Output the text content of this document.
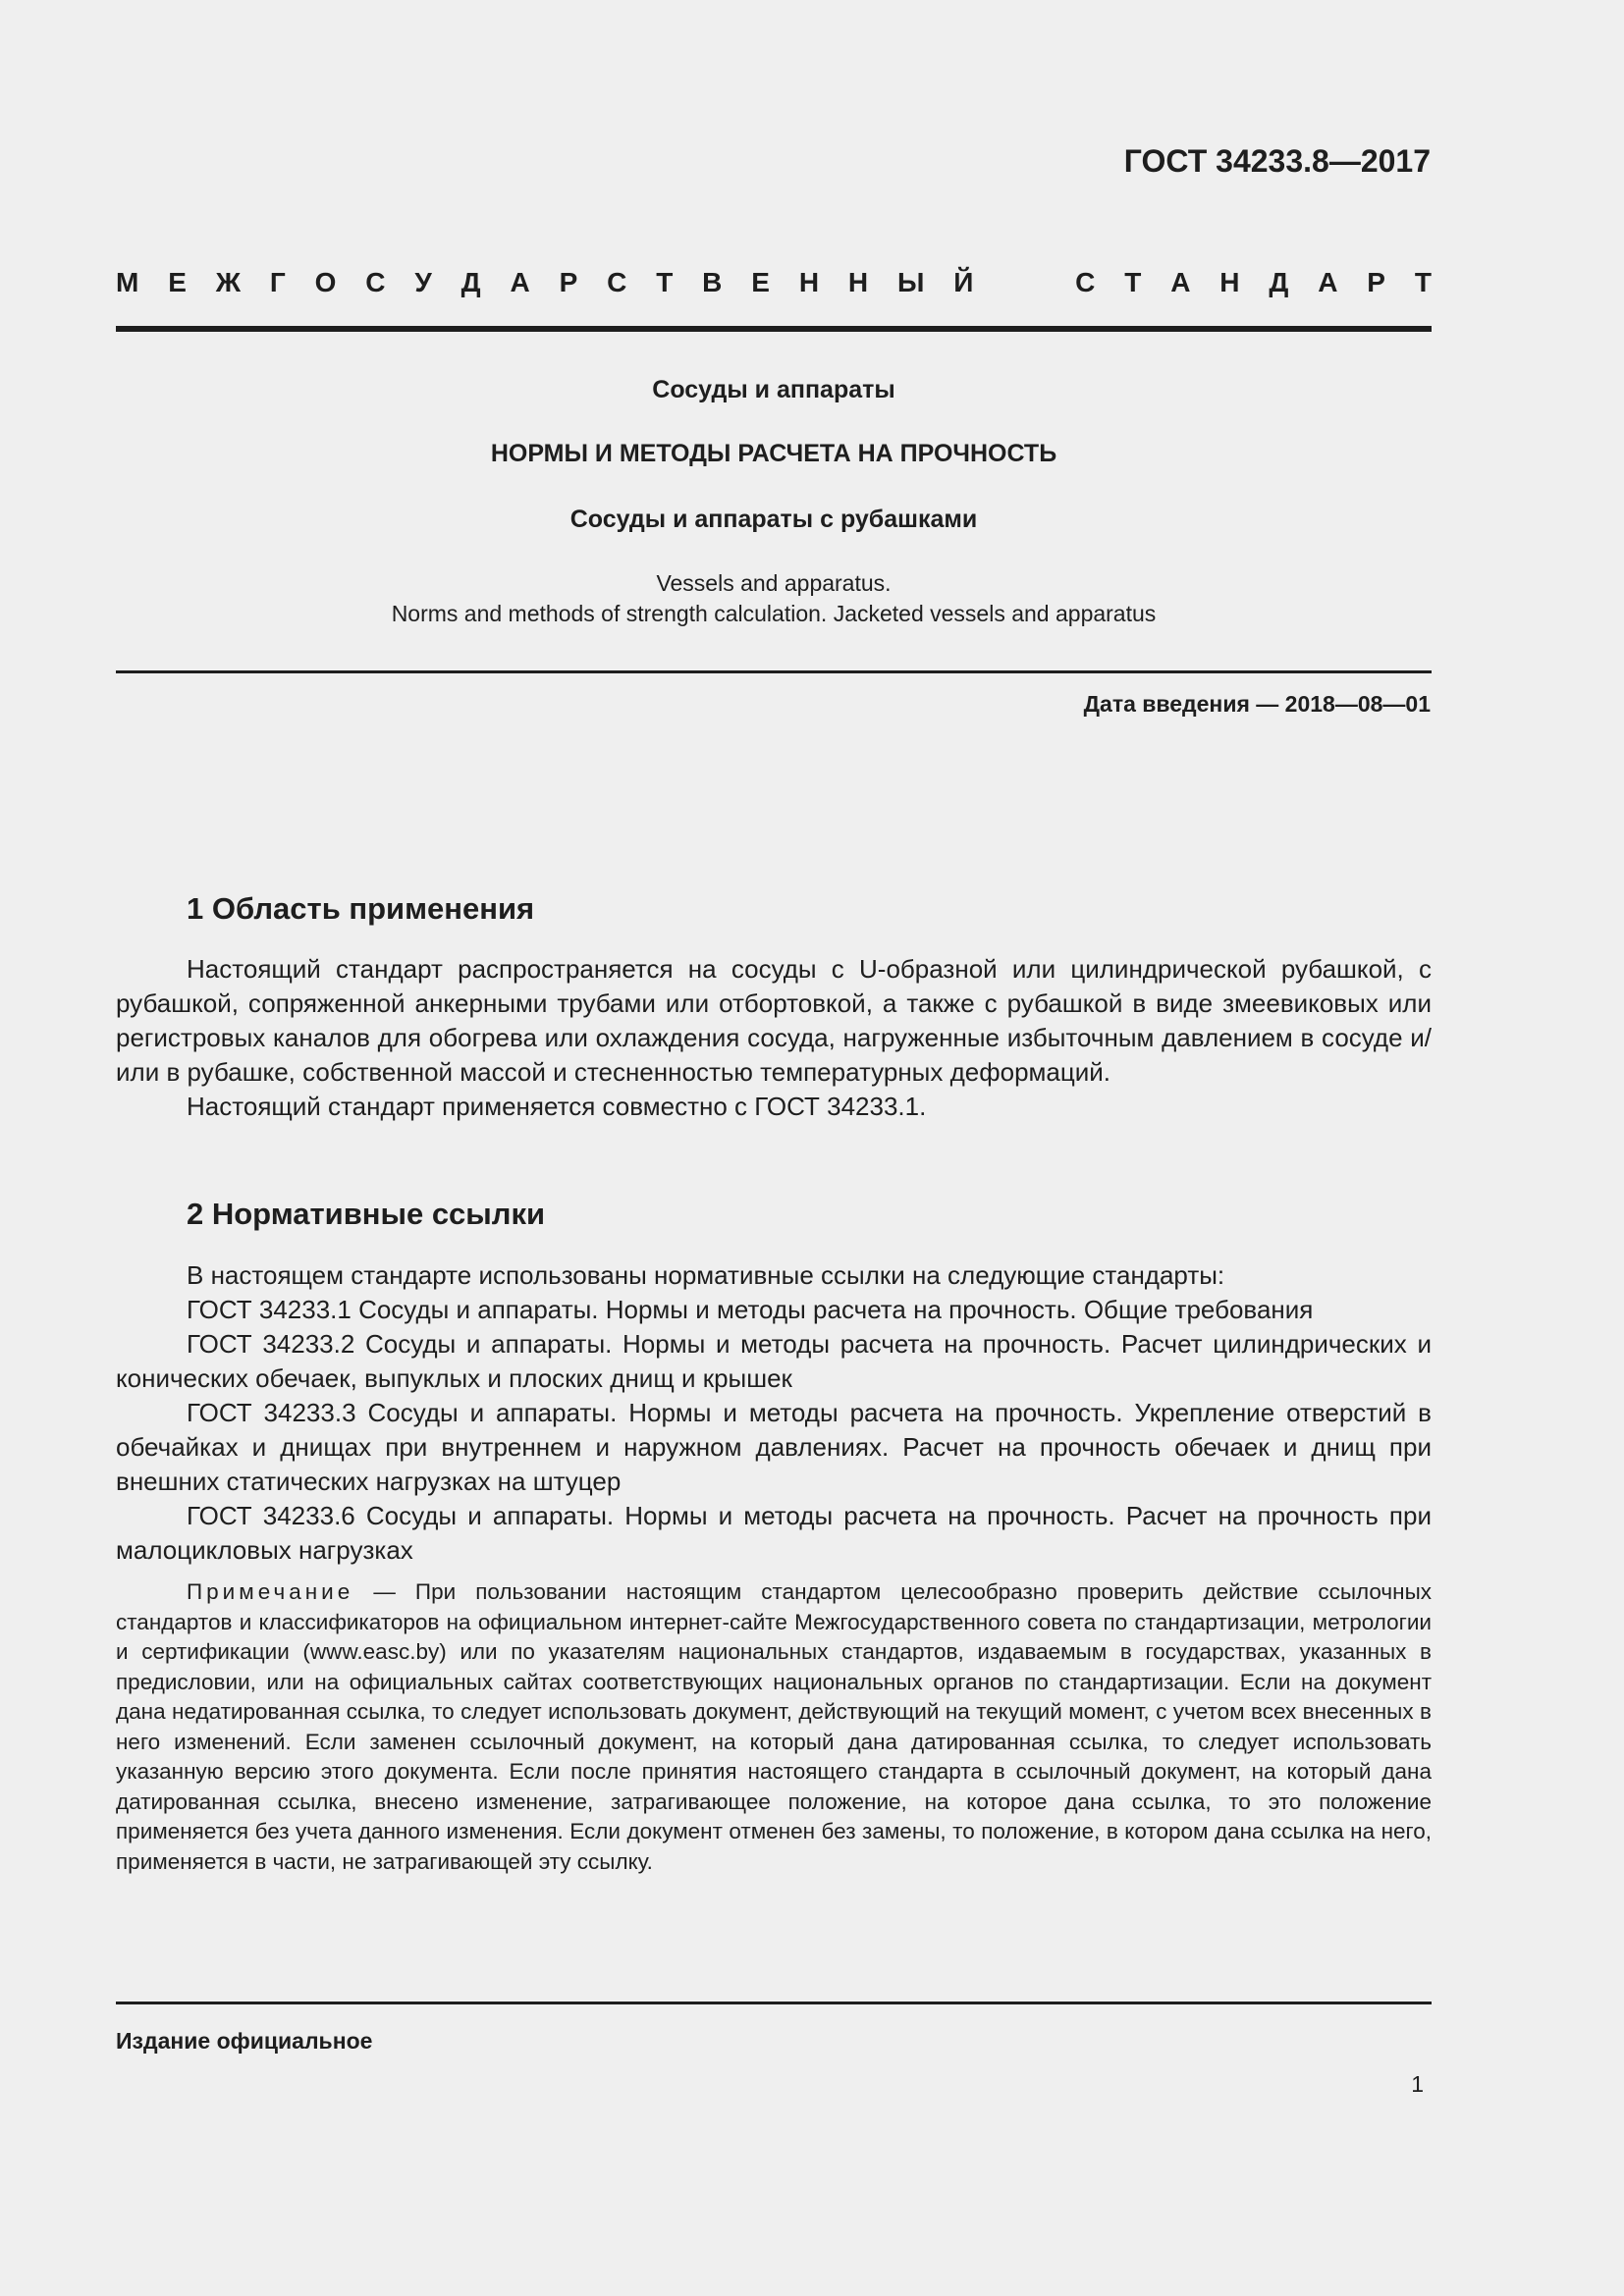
ГОСТ 34233.8—2017
М Е Ж Г О С У Д А Р С Т В Е Н Н Ы Й	С Т А Н Д А Р Т
Сосуды и аппараты
НОРМЫ И МЕТОДЫ РАСЧЕТА НА ПРОЧНОСТЬ
Сосуды и аппараты с рубашками
Vessels and apparatus.
Norms and methods of strength calculation. Jacketed vessels and apparatus
Дата введения — 2018—08—01
1 Область применения

Настоящий стандарт распространяется на сосуды с U-образной или цилиндрической рубашкой, с рубашкой, сопряженной анкерными трубами или отбортовкой, а также с рубашкой в виде змеевиковых или регистровых каналов для обогрева или охлаждения сосуда, нагруженные избыточным давлением в сосуде и/или в рубашке, собственной массой и стесненностью температурных деформаций.

Настоящий стандарт применяется совместно с ГОСТ 34233.1.

2 Нормативные ссылки

В настоящем стандарте использованы нормативные ссылки на следующие стандарты:

ГОСТ 34233.1 Сосуды и аппараты. Нормы и методы расчета на прочность. Общие требования

ГОСТ 34233.2 Сосуды и аппараты. Нормы и методы расчета на прочность. Расчет цилиндрических и конических обечаек, выпуклых и плоских днищ и крышек

ГОСТ 34233.3 Сосуды и аппараты. Нормы и методы расчета на прочность. Укрепление отверстий в обечайках и днищах при внутреннем и наружном давлениях. Расчет на прочность обечаек и днищ при внешних статических нагрузках на штуцер

ГОСТ 34233.6 Сосуды и аппараты. Нормы и методы расчета на прочность. Расчет на прочность при малоцикловых нагрузках

Примечание — При пользовании настоящим стандартом целесообразно проверить действие ссылочных стандартов и классификаторов на официальном интернет-сайте Межгосударственного совета по стандартизации, метрологии и сертификации (www.easc.by) или по указателям национальных стандартов, издаваемым в государствах, указанных в предисловии, или на официальных сайтах соответствующих национальных органов по стандартизации. Если на документ дана недатированная ссылка, то следует использовать документ, действующий на текущий момент, с учетом всех внесенных в него изменений. Если заменен ссылочный документ, на который дана датированная ссылка, то следует использовать указанную версию этого документа. Если после принятия настоящего стандарта в ссылочный документ, на который дана датированная ссылка, внесено изменение, затрагивающее положение, на которое дана ссылка, то это положение применяется без учета данного изменения. Если документ отменен без замены, то положение, в котором дана ссылка на него, применяется в части, не затрагивающей эту ссылку.

Издание официальное
1
